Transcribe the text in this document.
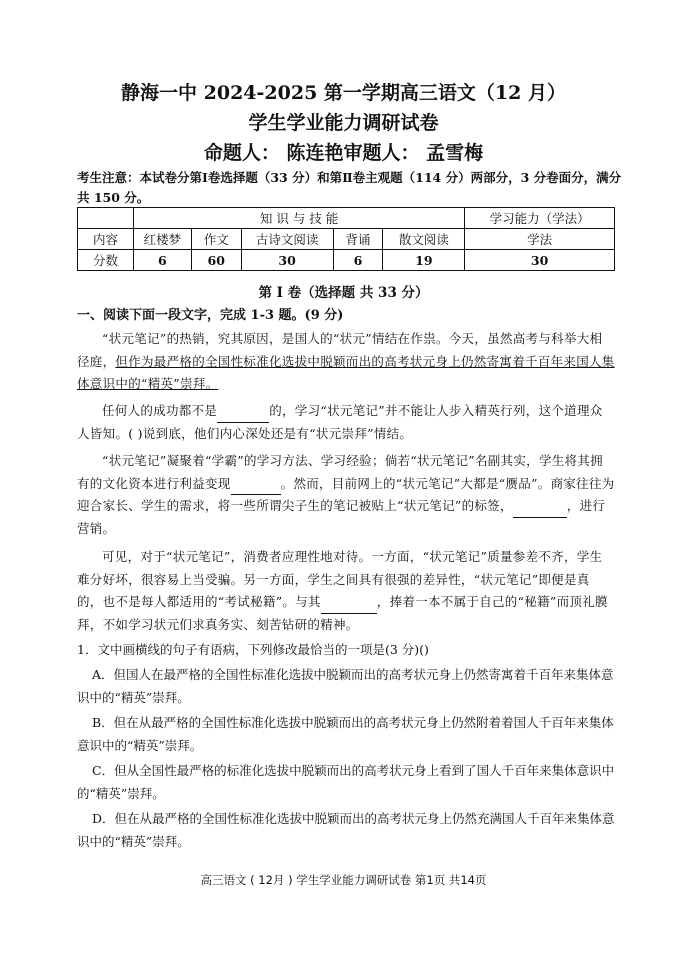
静海一中 2024-2025 第一学期高三语文（12 月）
学生学业能力调研试卷
命题人： 陈连艳审题人： 孟雪梅
考生注意：本试卷分第Ⅰ卷选择题（33 分）和第Ⅱ卷主观题（114 分）两部分，3 分卷面分，满分共 150 分。
	知 识 与 技 能					学习能力（学法）
内容	红楼梦	作文	古诗文阅读	背诵	散文阅读	学法
分数	6	60	30	6	19	30
第 I 卷（选择题 共 33 分）
一、阅读下面一段文字，完成 1-3 题。(9 分)
“状元笔记”的热销，究其原因，是国人的“状元”情结在作祟。今天，虽然高考与科举大相径庭，但作为最严格的全国性标准化选拔中脱颖而出的高考状元身上仍然寄寓着千百年来国人集体意识中的“精英”崇拜。
任何人的成功都不是	的，学习“状元笔记”并不能让人步入精英行列，这个道理众人皆知。( )说到底，他们内心深处还是有“状元崇拜”情结。
“状元笔记”凝聚着“学霸”的学习方法、学习经验；倘若“状元笔记”名副其实，学生将其拥有的文化资本进行利益变现	。然而，目前网上的“状元笔记”大都是“赝品”。商家往往为迎合家长、学生的需求，将一些所谓尖子生的笔记被贴上“状元笔记”的标签，	，进行营销。
可见，对于“状元笔记”，消费者应理性地对待。一方面，“状元笔记”质量参差不齐，学生难分好坏，很容易上当受骗。另一方面，学生之间具有很强的差异性，“状元笔记”即便是真的，也不是每人都适用的“考试秘籍”。与其	，捧着一本不属于自己的“秘籍”而顶礼膜拜，不如学习状元们求真务实、刻苦钻研的精神。
1．文中画横线的句子有语病，下列修改最恰当的一项是(3 分)()
A．但国人在最严格的全国性标准化选拔中脱颖而出的高考状元身上仍然寄寓着千百年来集体意识中的“精英”崇拜。
B．但在从最严格的全国性标准化选拔中脱颖而出的高考状元身上仍然附着着国人千百年来集体意识中的“精英”崇拜。
C．但从全国性最严格的标准化选拔中脱颖而出的高考状元身上看到了国人千百年来集体意识中的“精英”崇拜。
D．但在从最严格的全国性标准化选拔中脱颖而出的高考状元身上仍然充满国人千百年来集体意识中的“精英”崇拜。
高三语文 ( 12月 ) 学生学业能力调研试卷 第1页 共14页
